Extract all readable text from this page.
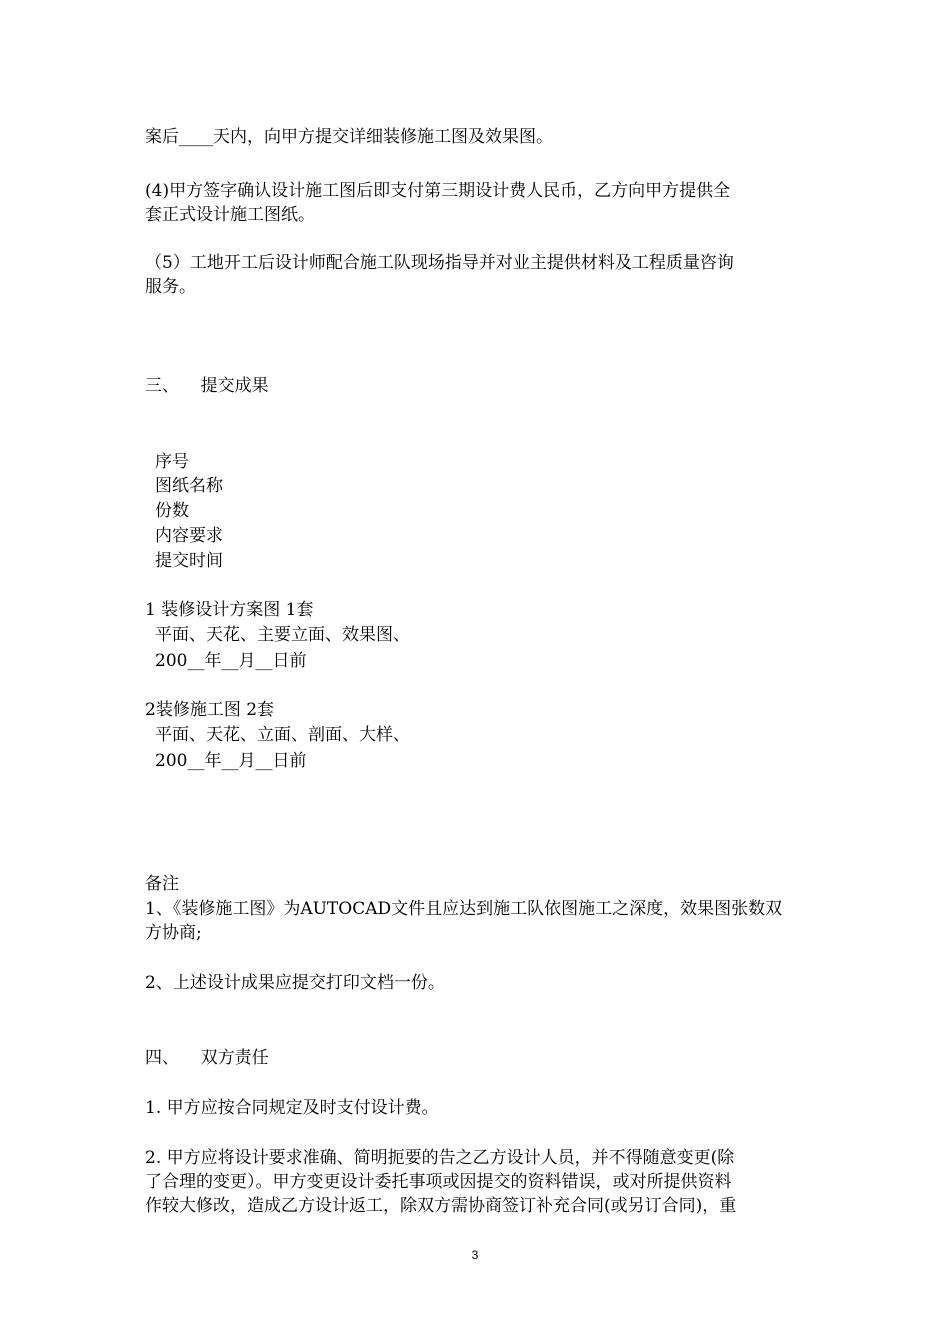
案后____天内，向甲方提交详细装修施工图及效果图。
(4)甲方签字确认设计施工图后即支付第三期设计费人民币，乙方向甲方提供全
套正式设计施工图纸。
（5）工地开工后设计师配合施工队现场指导并对业主提供材料及工程质量咨询
服务。
三、    提交成果
序号
图纸名称
份数
内容要求
提交时间
1 装修设计方案图 1套
平面、天花、主要立面、效果图、
200__年__月__日前
2装修施工图 2套
平面、天花、立面、剖面、大样、
200__年__月__日前
备注
1、《装修施工图》为AUTOCAD文件且应达到施工队依图施工之深度，效果图张数双
方协商;
2、上述设计成果应提交打印文档一份。
四、    双方责任
1. 甲方应按合同规定及时支付设计费。
2. 甲方应将设计要求准确、简明扼要的告之乙方设计人员，并不得随意变更(除
了合理的变更）。甲方变更设计委托事项或因提交的资料错误，或对所提供资料
作较大修改，造成乙方设计返工，除双方需协商签订补充合同(或另订合同)，重
3
